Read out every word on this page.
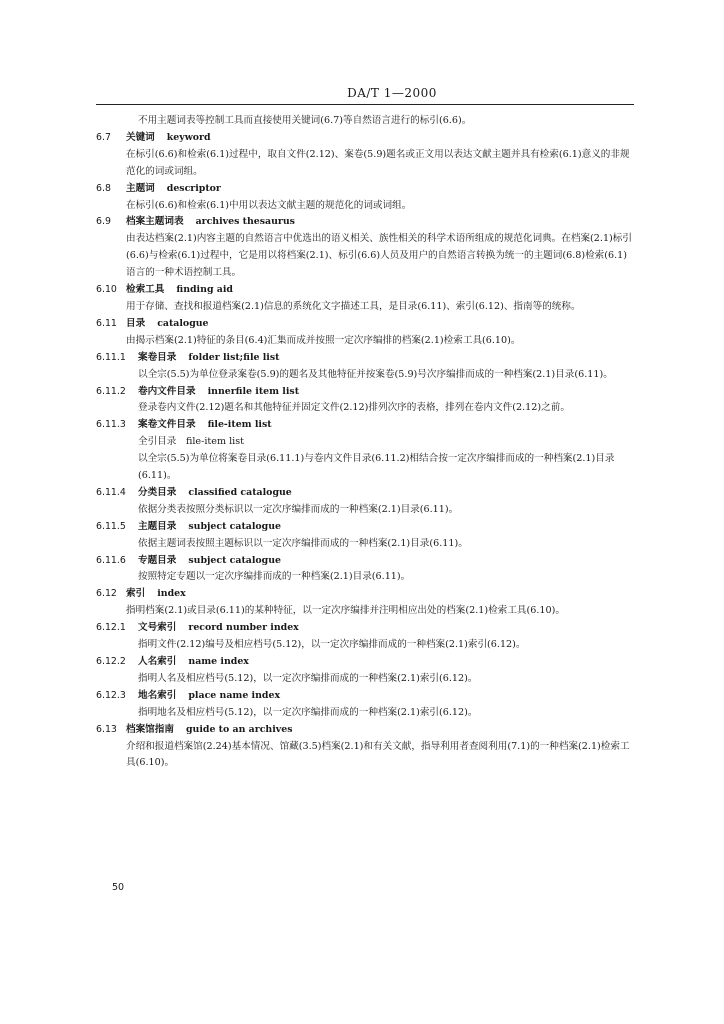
DA/T 1—2000
不用主题词表等控制工具而直接使用关键词(6.7)等自然语言进行的标引(6.6)。
6.7	关键词 keyword
在标引(6.6)和检索(6.1)过程中，取自文件(2.12)、案卷(5.9)题名或正文用以表达文献主题并具有检索(6.1)意义的非规范化的词或词组。
6.8	主题词 descriptor
在标引(6.6)和检索(6.1)中用以表达文献主题的规范化的词或词组。
6.9	档案主题词表 archives thesaurus
由表达档案(2.1)内容主题的自然语言中优选出的语义相关、族性相关的科学术语所组成的规范化词典。在档案(2.1)标引(6.6)与检索(6.1)过程中，它是用以将档案(2.1)、标引(6.6)人员及用户的自然语言转换为统一的主题词(6.8)检索(6.1)语言的一种术语控制工具。
6.10 检索工具 finding aid
用于存储、查找和报道档案(2.1)信息的系统化文字描述工具，是目录(6.11)、索引(6.12)、指南等的统称。
6.11 目录 catalogue
由揭示档案(2.1)特征的条目(6.4)汇集而成并按照一定次序编排的档案(2.1)检索工具(6.10)。
6.11.1	案卷目录 folder list;file list
以全宗(5.5)为单位登录案卷(5.9)的题名及其他特征并按案卷(5.9)号次序编排而成的一种档案(2.1)目录(6.11)。
6.11.2	卷内文件目录 innerfile item list
登录卷内文件(2.12)题名和其他特征并固定文件(2.12)排列次序的表格，排列在卷内文件(2.12)之前。
6.11.3	案卷文件目录 file-item list
全引目录　file-item list
以全宗(5.5)为单位将案卷目录(6.11.1)与卷内文件目录(6.11.2)相结合按一定次序编排而成的一种档案(2.1)目录(6.11)。
6.11.4	分类目录 classified catalogue
依据分类表按照分类标识以一定次序编排而成的一种档案(2.1)目录(6.11)。
6.11.5	主题目录 subject catalogue
依据主题词表按照主题标识以一定次序编排而成的一种档案(2.1)目录(6.11)。
6.11.6	专题目录 subject catalogue
按照特定专题以一定次序编排而成的一种档案(2.1)目录(6.11)。
6.12 索引 index
指明档案(2.1)或目录(6.11)的某种特征，以一定次序编排并注明相应出处的档案(2.1)检索工具(6.10)。
6.12.1	文号索引 record number index
指明文件(2.12)编号及相应档号(5.12)，以一定次序编排而成的一种档案(2.1)索引(6.12)。
6.12.2	人名索引 name index
指明人名及相应档号(5.12)，以一定次序编排而成的一种档案(2.1)索引(6.12)。
6.12.3	地名索引 place name index
指明地名及相应档号(5.12)，以一定次序编排而成的一种档案(2.1)索引(6.12)。
6.13 档案馆指南 guide to an archives
介绍和报道档案馆(2.24)基本情况、馆藏(3.5)档案(2.1)和有关文献，指导利用者查阅利用(7.1)的一种档案(2.1)检索工具(6.10)。
50
